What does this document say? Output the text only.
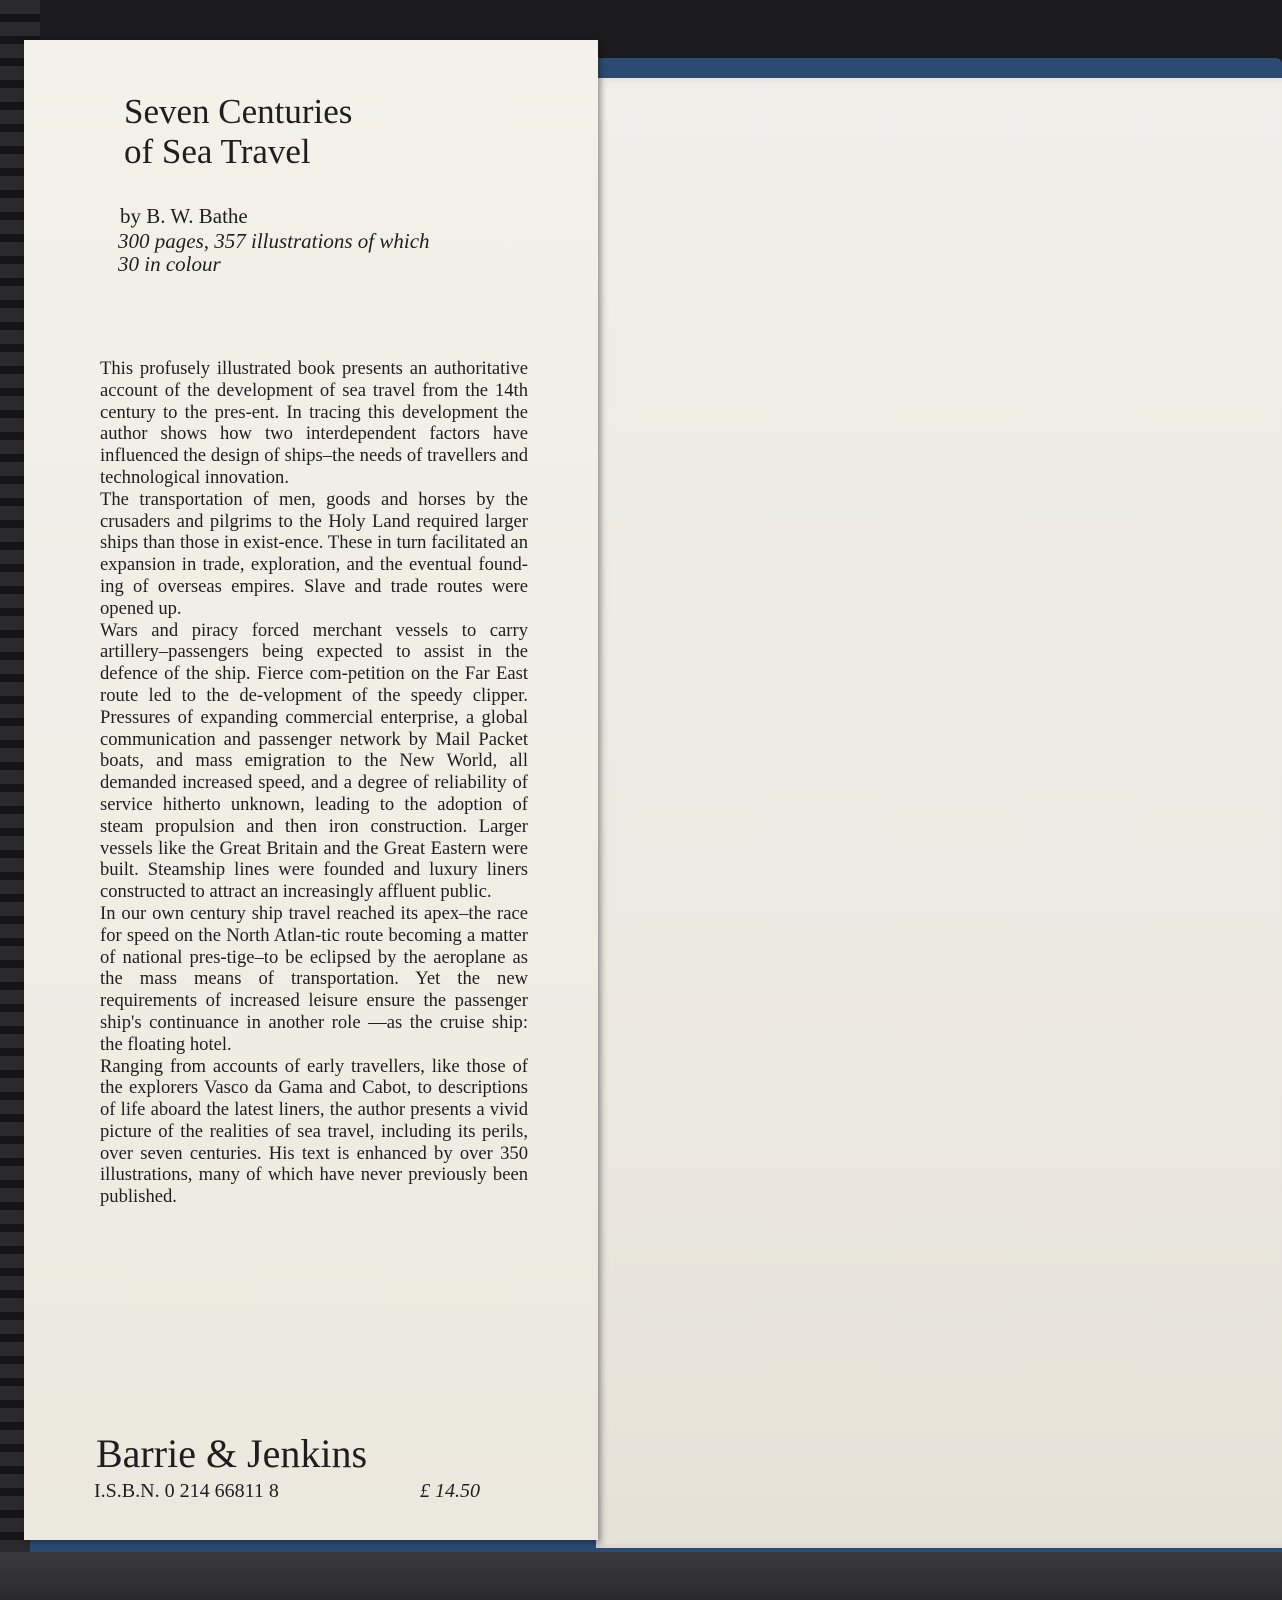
Seven Centuries
of Sea Travel
by B. W. Bathe
300 pages, 357 illustrations of which
30 in colour

This profusely illustrated book presents an authoritative account of the development of sea travel from the 14th century to the pres-ent. In tracing this development the author shows how two interdependent factors have influenced the design of ships–the needs of travellers and technological innovation.

The transportation of men, goods and horses by the crusaders and pilgrims to the Holy Land required larger ships than those in exist-ence. These in turn facilitated an expansion in trade, exploration, and the eventual found-ing of overseas empires. Slave and trade routes were opened up.

Wars and piracy forced merchant vessels to carry artillery–passengers being expected to assist in the defence of the ship. Fierce com-petition on the Far East route led to the de-velopment of the speedy clipper. Pressures of expanding commercial enterprise, a global communication and passenger network by Mail Packet boats, and mass emigration to the New World, all demanded increased speed, and a degree of reliability of service hitherto unknown, leading to the adoption of steam propulsion and then iron construction. Larger vessels like the Great Britain and the Great Eastern were built. Steamship lines were founded and luxury liners constructed to attract an increasingly affluent public.

In our own century ship travel reached its apex–the race for speed on the North Atlan-tic route becoming a matter of national pres-tige–to be eclipsed by the aeroplane as the mass means of transportation. Yet the new requirements of increased leisure ensure the passenger ship's continuance in another role —as the cruise ship: the floating hotel.

Ranging from accounts of early travellers, like those of the explorers Vasco da Gama and Cabot, to descriptions of life aboard the latest liners, the author presents a vivid picture of the realities of sea travel, including its perils, over seven centuries. His text is enhanced by over 350 illustrations, many of which have never previously been published.

Barrie & Jenkins
I.S.B.N. 0 214 66811 8	£ 14.50
